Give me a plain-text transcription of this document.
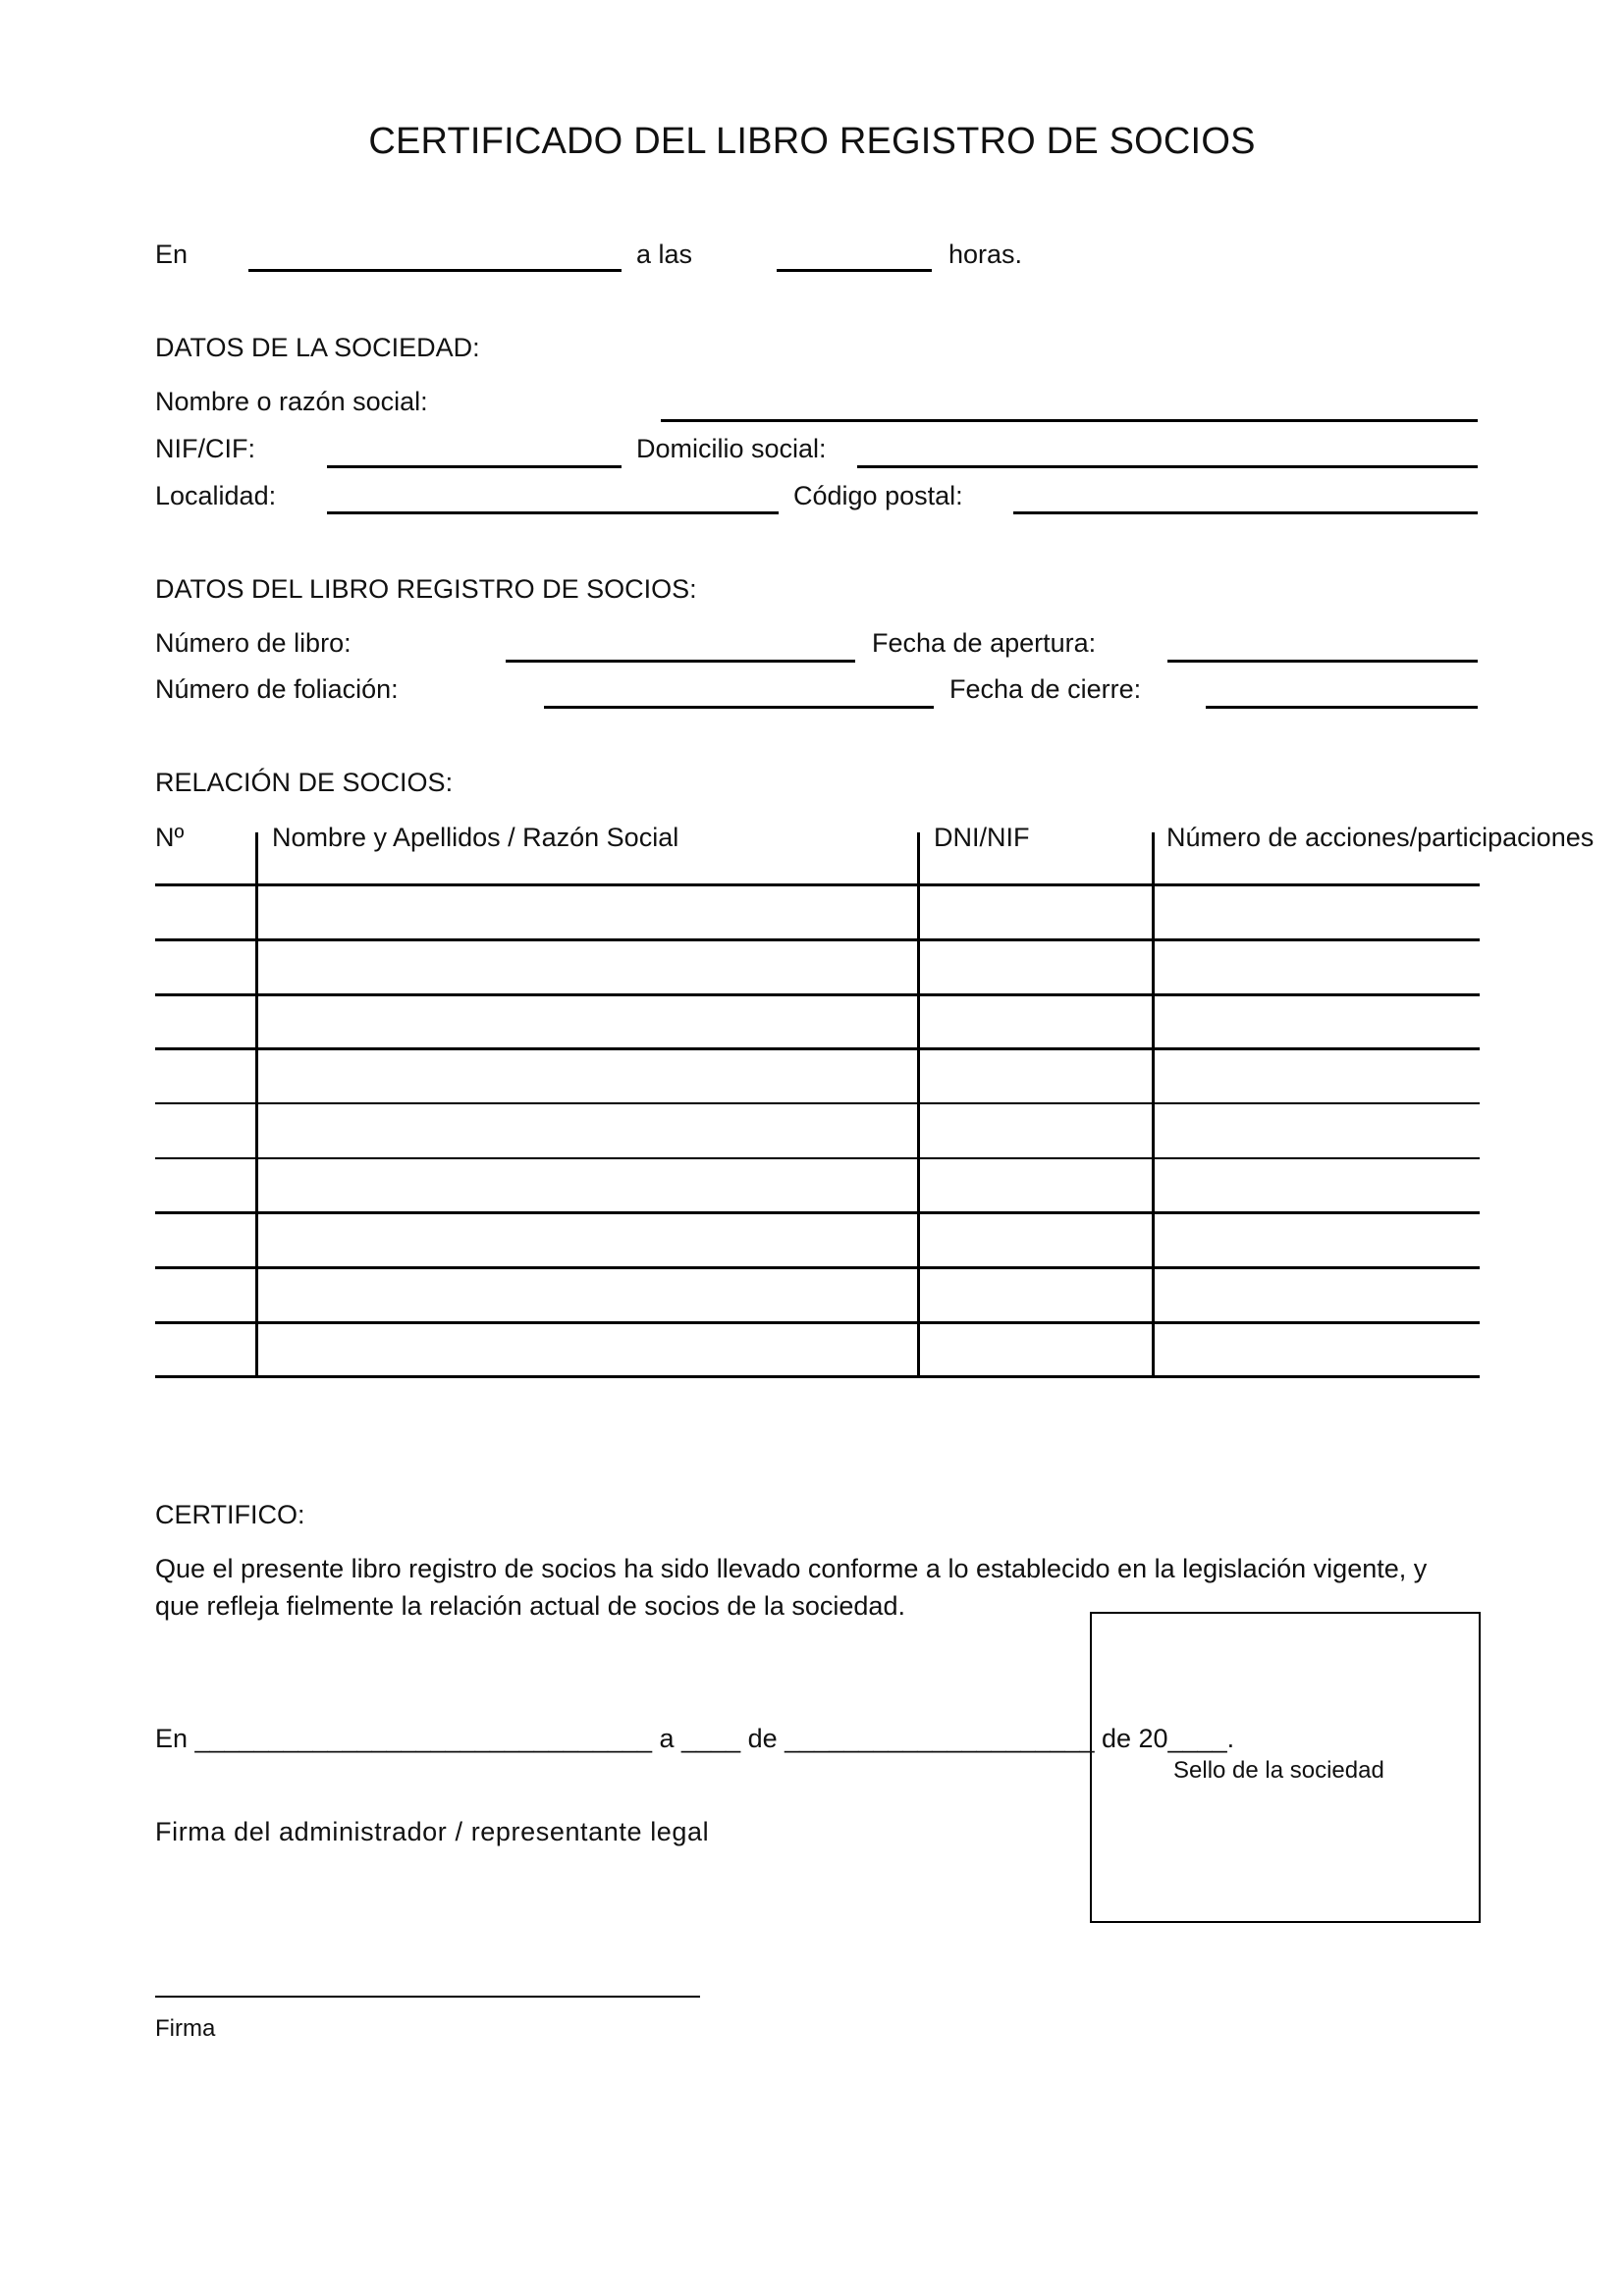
CERTIFICADO DEL LIBRO REGISTRO DE SOCIOS
En	a las	horas.
DATOS DE LA SOCIEDAD:
Nombre o razón social:
NIF/CIF:	Domicilio social:
Localidad:	Código postal:
DATOS DEL LIBRO REGISTRO DE SOCIOS:
Número de libro:	Fecha de apertura:
Número de foliación:	Fecha de cierre:
RELACIÓN DE SOCIOS:
Nº	Nombre y Apellidos / Razón Social	DNI/NIF	Número de acciones/participaciones
CERTIFICO:
Que el presente libro registro de socios ha sido llevado conforme a lo establecido en la legislación vigente, y
que refleja fielmente la relación actual de socios de la sociedad.
Sello de la sociedad
En _______________________________ a ____ de _____________________ de 20____.
Firma del administrador / representante legal
Firma
